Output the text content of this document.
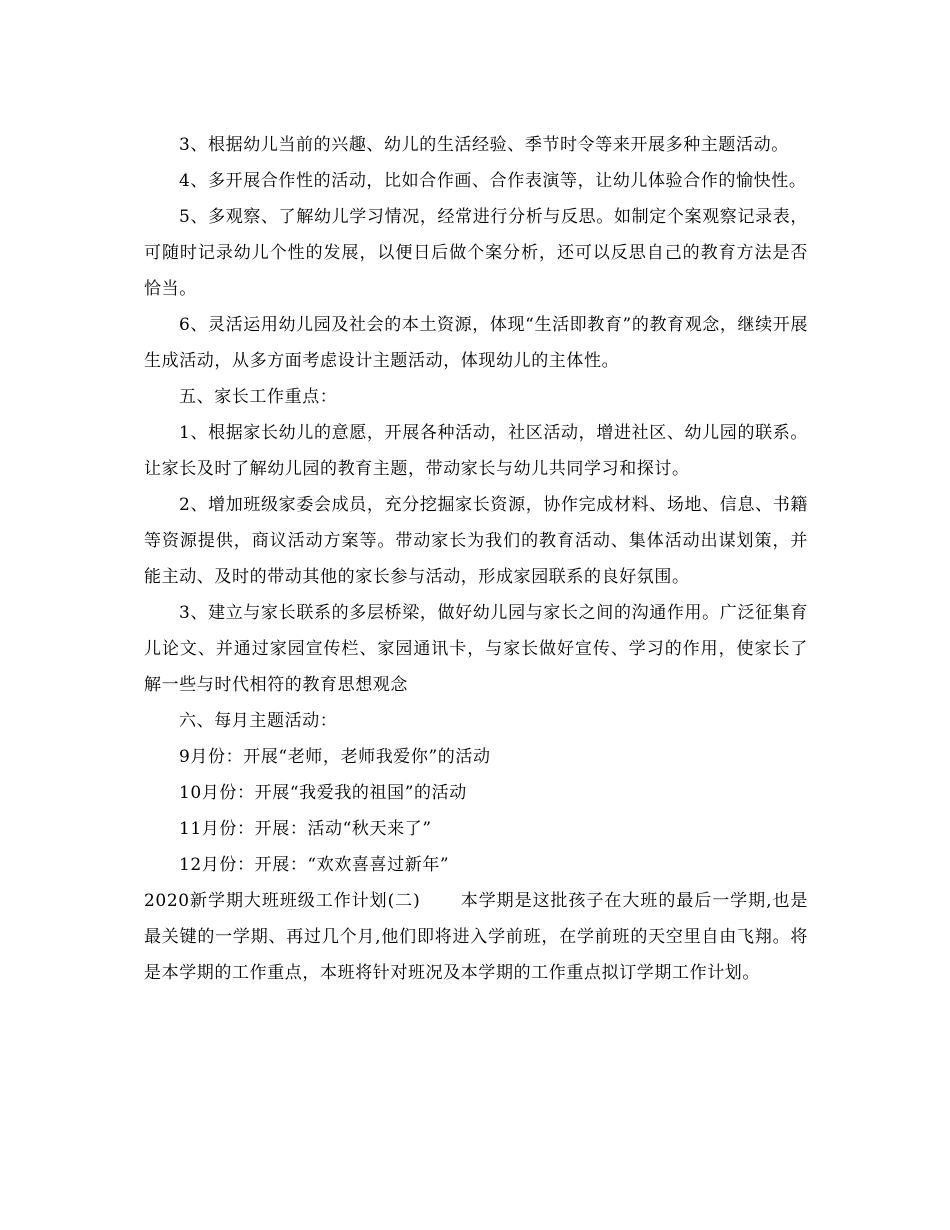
3、根据幼儿当前的兴趣、幼儿的生活经验、季节时令等来开展多种主题活动。

4、多开展合作性的活动，比如合作画、合作表演等，让幼儿体验合作的愉快性。

5、多观察、了解幼儿学习情况，经常进行分析与反思。如制定个案观察记录表，可随时记录幼儿个性的发展，以便日后做个案分析，还可以反思自己的教育方法是否恰当。

6、灵活运用幼儿园及社会的本土资源，体现“生活即教育”的教育观念，继续开展生成活动，从多方面考虑设计主题活动，体现幼儿的主体性。

五、家长工作重点：

1、根据家长幼儿的意愿，开展各种活动，社区活动，增进社区、幼儿园的联系。让家长及时了解幼儿园的教育主题，带动家长与幼儿共同学习和探讨。

2、增加班级家委会成员，充分挖掘家长资源，协作完成材料、场地、信息、书籍等资源提供，商议活动方案等。带动家长为我们的教育活动、集体活动出谋划策，并能主动、及时的带动其他的家长参与活动，形成家园联系的良好氛围。

3、建立与家长联系的多层桥梁，做好幼儿园与家长之间的沟通作用。广泛征集育儿论文、并通过家园宣传栏、家园通讯卡，与家长做好宣传、学习的作用，使家长了解一些与时代相符的教育思想观念

六、每月主题活动：

9月份：开展“老师，老师我爱你”的活动

10月份：开展“我爱我的祖国”的活动

11月份：开展：活动“秋天来了”

12月份：开展：“欢欢喜喜过新年”

2020新学期大班班级工作计划(二) 本学期是这批孩子在大班的最后一学期,也是最关键的一学期、再过几个月,他们即将进入学前班，在学前班的天空里自由飞翔。将是本学期的工作重点，本班将针对班况及本学期的工作重点拟订学期工作计划。
